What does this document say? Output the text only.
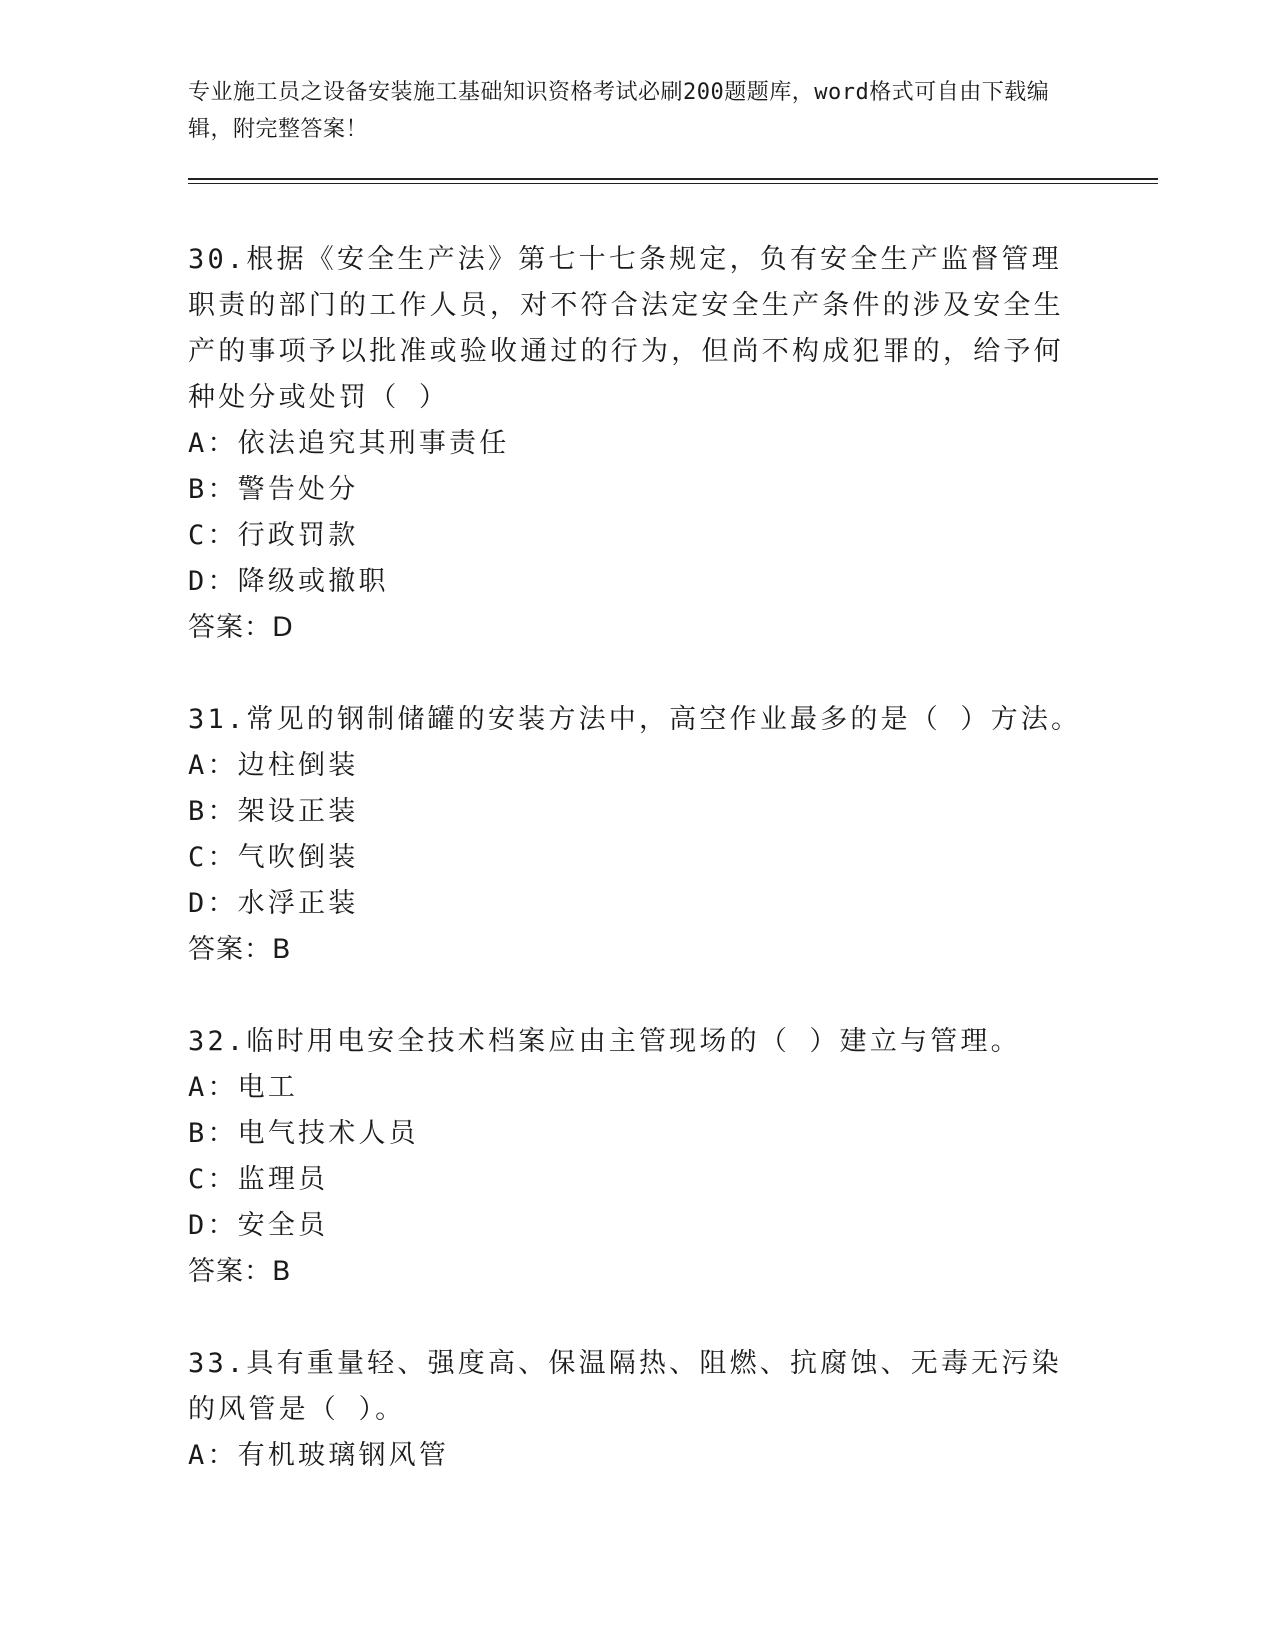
专业施工员之设备安装施工基础知识资格考试必刷200题题库，word格式可自由下载编辑，附完整答案！
30.根据《安全生产法》第七十七条规定，负有安全生产监督管理职责的部门的工作人员，对不符合法定安全生产条件的涉及安全生产的事项予以批准或验收通过的行为，但尚不构成犯罪的，给予何种处分或处罚（ ）
A：依法追究其刑事责任
B：警告处分
C：行政罚款
D：降级或撤职
答案：D
31.常见的钢制储罐的安装方法中，高空作业最多的是（ ）方法。
A：边柱倒装
B：架设正装
C：气吹倒装
D：水浮正装
答案：B
32.临时用电安全技术档案应由主管现场的（ ）建立与管理。
A：电工
B：电气技术人员
C：监理员
D：安全员
答案：B
33.具有重量轻、强度高、保温隔热、阻燃、抗腐蚀、无毒无污染的风管是（ ）。
A：有机玻璃钢风管
